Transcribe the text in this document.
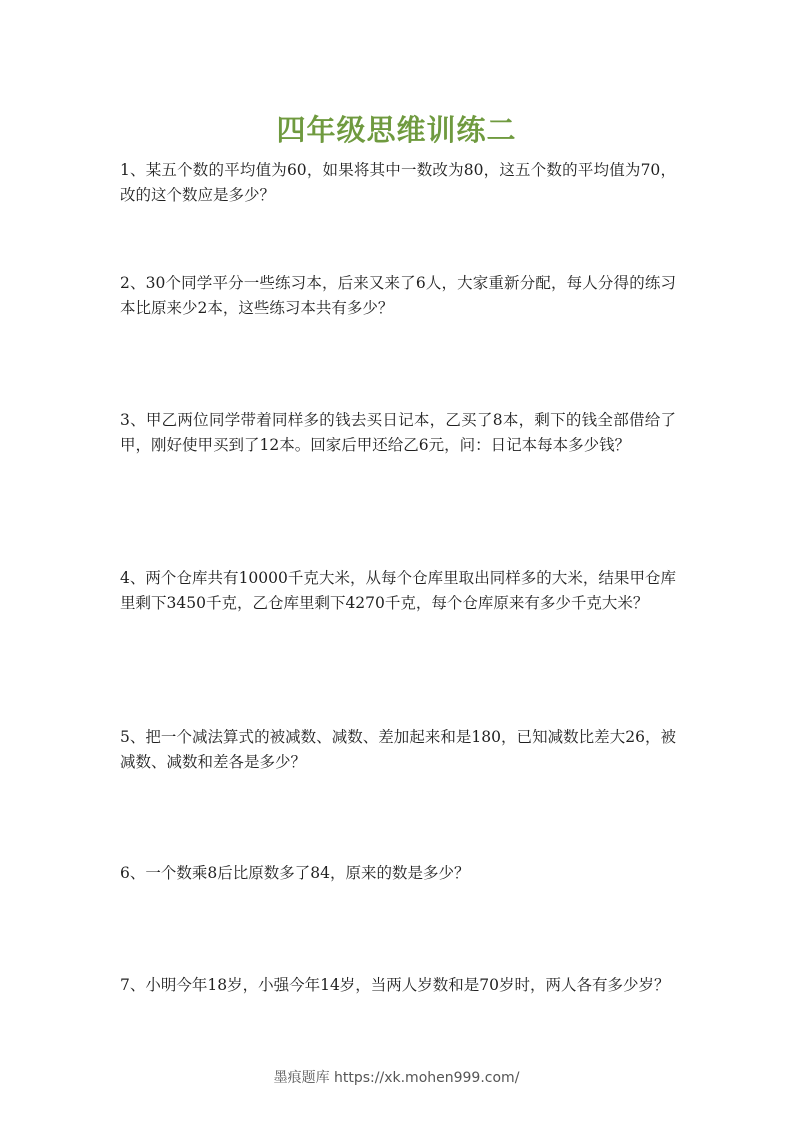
四年级思维训练二
1、某五个数的平均值为60，如果将其中一数改为80，这五个数的平均值为70，改的这个数应是多少？
2、30个同学平分一些练习本，后来又来了6人，大家重新分配，每人分得的练习本比原来少2本，这些练习本共有多少？
3、甲乙两位同学带着同样多的钱去买日记本，乙买了8本，剩下的钱全部借给了甲，刚好使甲买到了12本。回家后甲还给乙6元，问：日记本每本多少钱？
4、两个仓库共有10000千克大米，从每个仓库里取出同样多的大米，结果甲仓库里剩下3450千克，乙仓库里剩下4270千克，每个仓库原来有多少千克大米？
5、把一个减法算式的被减数、减数、差加起来和是180，已知减数比差大26，被减数、减数和差各是多少？
6、一个数乘8后比原数多了84，原来的数是多少？
7、小明今年18岁，小强今年14岁，当两人岁数和是70岁时，两人各有多少岁？
墨痕题库 https://xk.mohen999.com/
